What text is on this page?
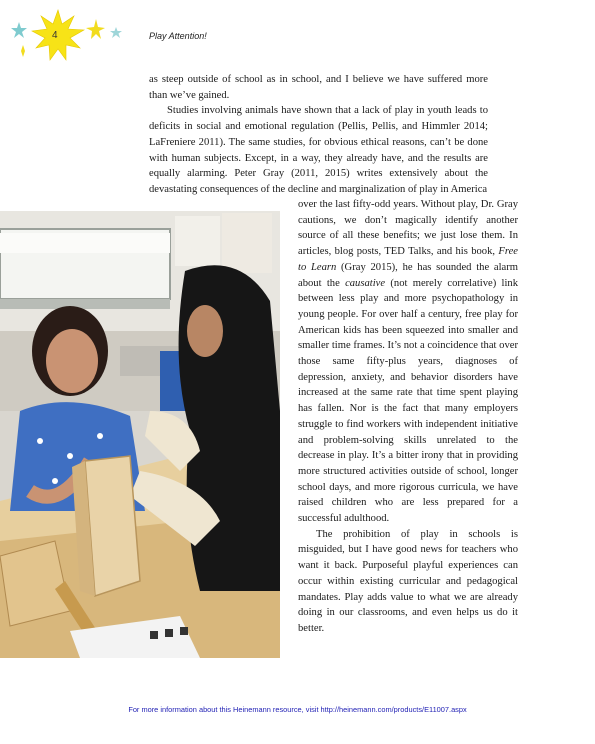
4	Play Attention!

as steep outside of school as in school, and I believe we have suffered more than we’ve gained.

Studies involving animals have shown that a lack of play in youth leads to deficits in social and emotional regulation (Pellis, Pellis, and Himmler 2014; LaFreniere 2011). The same studies, for obvious ethical reasons, can’t be done with human subjects. Except, in a way, they already have, and the results are equally alarming. Peter Gray (2011, 2015) writes extensively about the devastating consequences of the decline and marginalization of play in America

over the last fifty-odd years. Without play, Dr. Gray cautions, we don’t magically identify another source of all these benefits; we just lose them. In articles, blog posts, TED Talks, and his book, Free to Learn (Gray 2015), he has sounded the alarm about the causative (not merely correlative) link between less play and more psychopathology in young people. For over half a century, free play for American kids has been squeezed into smaller and smaller time frames. It’s not a coincidence that over those same fifty-plus years, diagnoses of depression, anxiety, and behavior disorders have increased at the same rate that time spent playing has fallen. Nor is the fact that many employers struggle to find workers with independent initiative and problem-solving skills unrelated to the decrease in play. It’s a bitter irony that in providing more structured activities outside of school, longer school days, and more rigorous curricula, we have raised children who are less prepared for a successful adulthood.

The prohibition of play in schools is misguided, but I have good news for teachers who want it back. Purposeful playful experiences can occur within existing curricular and pedagogical mandates. Play adds value to what we are already doing in our classrooms, and even helps us do it better.

For more information about this Heinemann resource, visit http://heinemann.com/products/E11007.aspx
